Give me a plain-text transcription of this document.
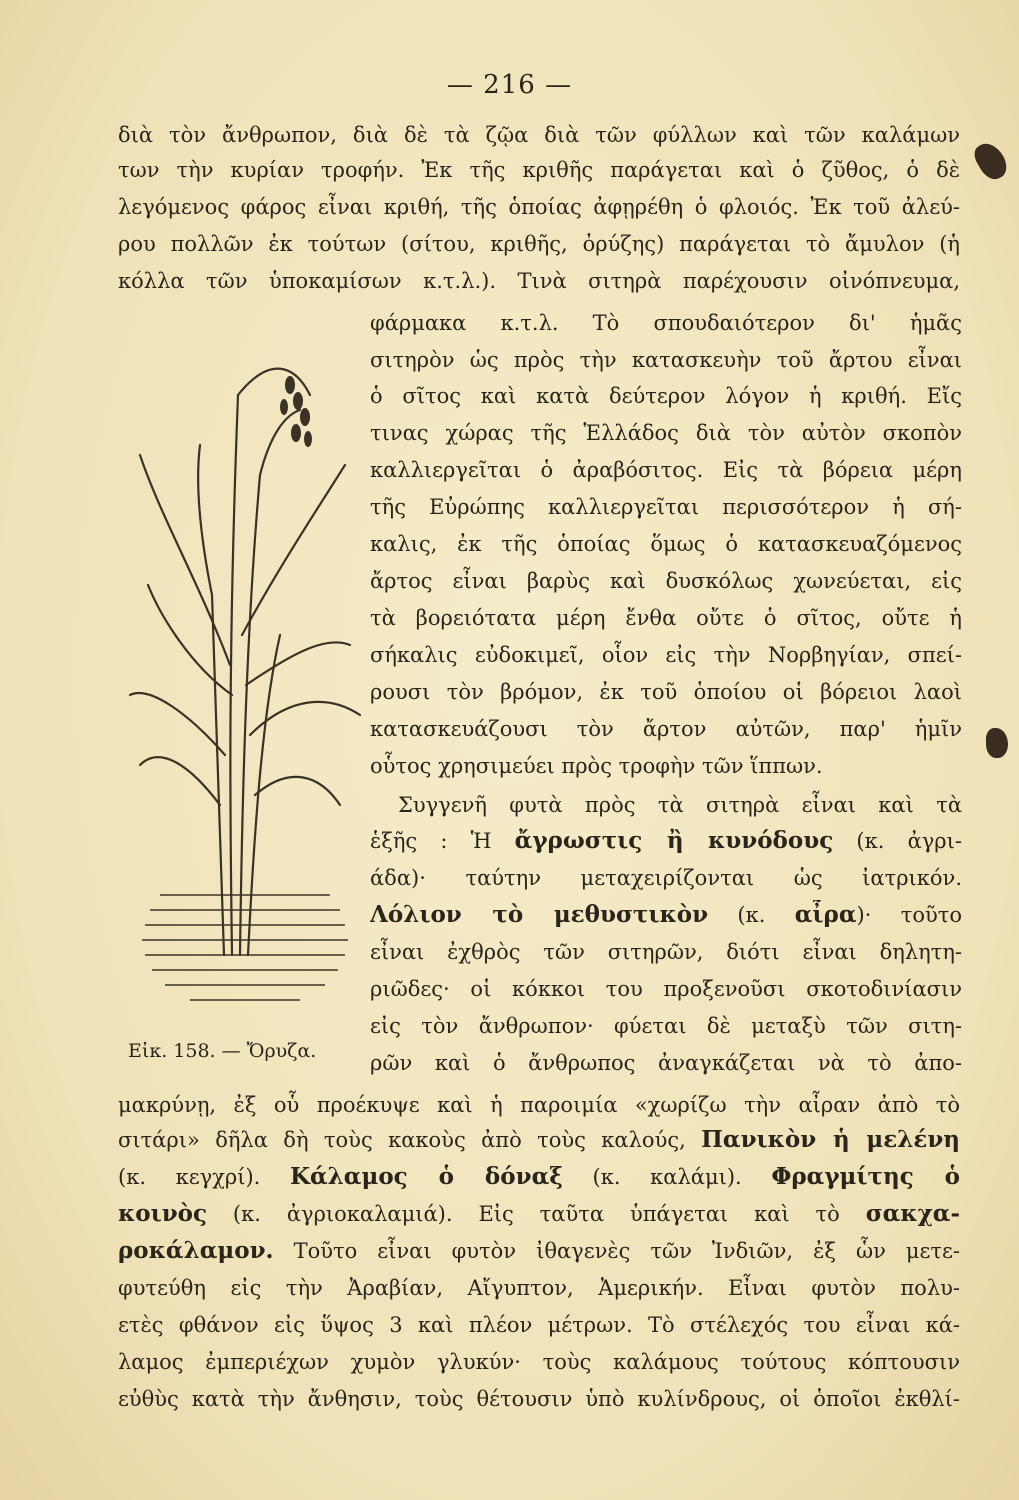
— 216 —
διὰ τὸν ἄνθρωπον, διὰ δὲ τὰ ζῷα διὰ τῶν φύλλων καὶ τῶν καλάμων
των τὴν κυρίαν τροφήν. Ἐκ τῆς κριθῆς παράγεται καὶ ὁ ζῦθος, ὁ δὲ
λεγόμενος φάρος εἶναι κριθή, τῆς ὁποίας ἀφῃρέθη ὁ φλοιός. Ἐκ τοῦ ἀλεύ-
ρου πολλῶν ἐκ τούτων (σίτου, κριθῆς, ὀρύζης) παράγεται τὸ ἄμυλον (ἡ
κόλλα τῶν ὑποκαμίσων κ.τ.λ.). Τινὰ σιτηρὰ παρέχουσιν οἰνόπνευμα,
φάρμακα κ.τ.λ. Τὸ σπουδαιότερον δι' ἡμᾶς
σιτηρὸν ὡς πρὸς τὴν κατασκευὴν τοῦ ἄρτου εἶναι
ὁ σῖτος καὶ κατὰ δεύτερον λόγον ἡ κριθή. Εἴς
τινας χώρας τῆς Ἑλλάδος διὰ τὸν αὐτὸν σκοπὸν
καλλιεργεῖται ὁ ἀραβόσιτος. Εἰς τὰ βόρεια μέρη
τῆς Εὐρώπης καλλιεργεῖται περισσότερον ἡ σή-
καλις, ἐκ τῆς ὁποίας ὅμως ὁ κατασκευαζόμενος
ἄρτος εἶναι βαρὺς καὶ δυσκόλως χωνεύεται, εἰς
τὰ βορειότατα μέρη ἔνθα οὔτε ὁ σῖτος, οὔτε ἡ
σήκαλις εὐδοκιμεῖ, οἷον εἰς τὴν Νορβηγίαν, σπεί-
ρουσι τὸν βρόμον, ἐκ τοῦ ὁποίου οἱ βόρειοι λαοὶ
κατασκευάζουσι τὸν ἄρτον αὐτῶν, παρ' ἡμῖν
οὗτος χρησιμεύει πρὸς τροφὴν τῶν ἵππων.
Συγγενῆ φυτὰ πρὸς τὰ σιτηρὰ εἶναι καὶ τὰ
ἑξῆς : Ἡ ἄγρωστις ἢ κυνόδους (κ. ἀγρι-
άδα)· ταύτην μεταχειρίζονται ὡς ἰατρικόν.
Λόλιον τὸ μεθυστικὸν (κ. αἶρα)· τοῦτο
εἶναι ἐχθρὸς τῶν σιτηρῶν, διότι εἶναι δηλητη-
ριῶδες· οἱ κόκκοι του προξενοῦσι σκοτοδινίασιν
εἰς τὸν ἄνθρωπον· φύεται δὲ μεταξὺ τῶν σιτη-
ρῶν καὶ ὁ ἄνθρωπος ἀναγκάζεται νὰ τὸ ἀπο-
Εἰκ. 158. — Ὄρυζα.
μακρύνῃ, ἐξ οὗ προέκυψε καὶ ἡ παροιμία «χωρίζω τὴν αἶραν ἀπὸ τὸ
σιτάρι» δῆλα δὴ τοὺς κακοὺς ἀπὸ τοὺς καλούς, Πανικὸν ἡ μελένη
(κ. κεγχρί). Κάλαμος ὁ δόναξ (κ. καλάμι). Φραγμίτης ὁ
κοινὸς (κ. ἀγριοκαλαμιά). Εἰς ταῦτα ὑπάγεται καὶ τὸ σακχα-
ροκάλαμον. Τοῦτο εἶναι φυτὸν ἰθαγενὲς τῶν Ἰνδιῶν, ἐξ ὧν μετε-
φυτεύθη εἰς τὴν Ἀραβίαν, Αἴγυπτον, Ἀμερικήν. Εἶναι φυτὸν πολυ-
ετὲς φθάνον εἰς ὕψος 3 καὶ πλέον μέτρων. Τὸ στέλεχός του εἶναι κά-
λαμος ἐμπεριέχων χυμὸν γλυκύν· τοὺς καλάμους τούτους κόπτουσιν
εὐθὺς κατὰ τὴν ἄνθησιν, τοὺς θέτουσιν ὑπὸ κυλίνδρους, οἱ ὁποῖοι ἐκθλί-
